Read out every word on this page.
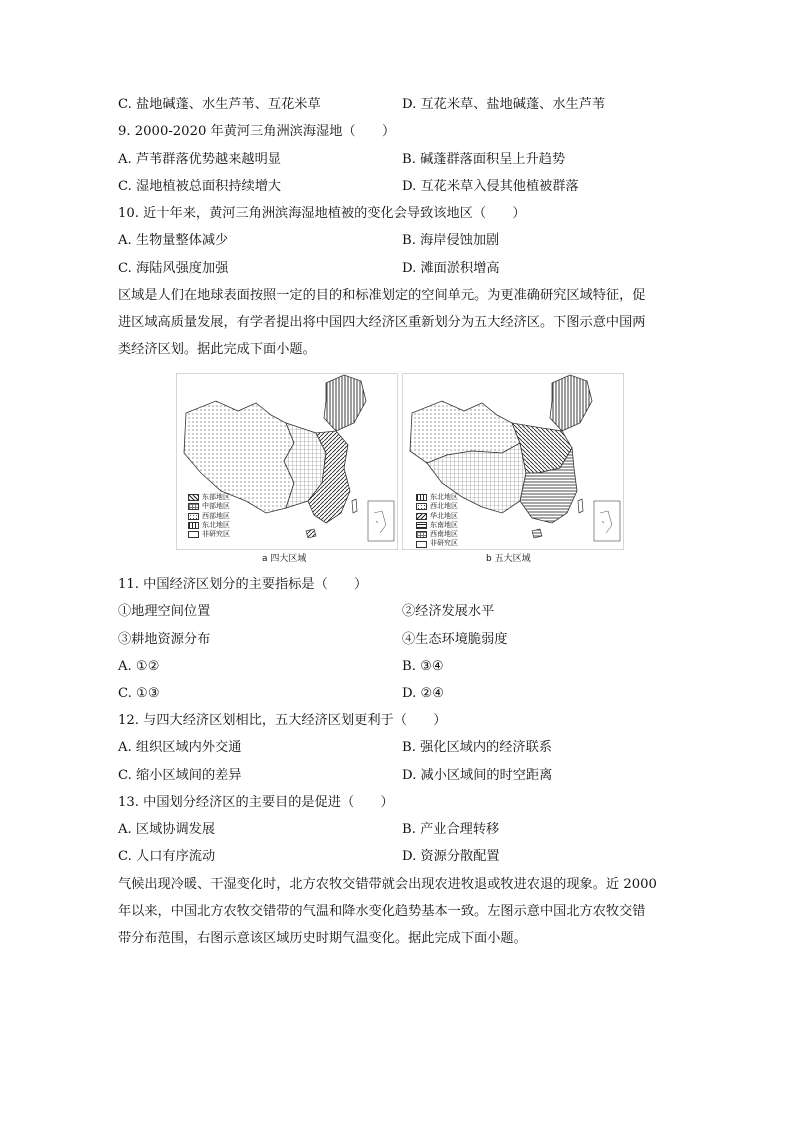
C. 盐地碱蓬、水生芦苇、互花米草	D. 互花米草、盐地碱蓬、水生芦苇
9. 2000-2020 年黄河三角洲滨海湿地（　　）
A. 芦苇群落优势越来越明显	B. 碱蓬群落面积呈上升趋势
C. 湿地植被总面积持续增大	D. 互花米草入侵其他植被群落
10. 近十年来，黄河三角洲滨海湿地植被的变化会导致该地区（　　）
A. 生物量整体减少	B. 海岸侵蚀加剧
C. 海陆风强度加强	D. 滩面淤积增高
区域是人们在地球表面按照一定的目的和标准划定的空间单元。为更准确研究区域特征，促
进区域高质量发展，有学者提出将中国四大经济区重新划分为五大经济区。下图示意中国两
类经济区划。据此完成下面小题。
东部地区
中部地区
西部地区
东北地区
非研究区
a 四大区域
东北地区
西北地区
华北地区
东南地区
西南地区
非研究区
b 五大区域
11. 中国经济区划分的主要指标是（　　）
①地理空间位置	②经济发展水平
③耕地资源分布	④生态环境脆弱度
A. ①②	B. ③④
C. ①③	D. ②④
12. 与四大经济区划相比，五大经济区划更利于（　　）
A. 组织区域内外交通	B. 强化区域内的经济联系
C. 缩小区域间的差异	D. 减小区域间的时空距离
13. 中国划分经济区的主要目的是促进（　　）
A. 区域协调发展	B. 产业合理转移
C. 人口有序流动	D. 资源分散配置
气候出现冷暖、干湿变化时，北方农牧交错带就会出现农进牧退或牧进农退的现象。近 2000
年以来，中国北方农牧交错带的气温和降水变化趋势基本一致。左图示意中国北方农牧交错
带分布范围，右图示意该区域历史时期气温变化。据此完成下面小题。
